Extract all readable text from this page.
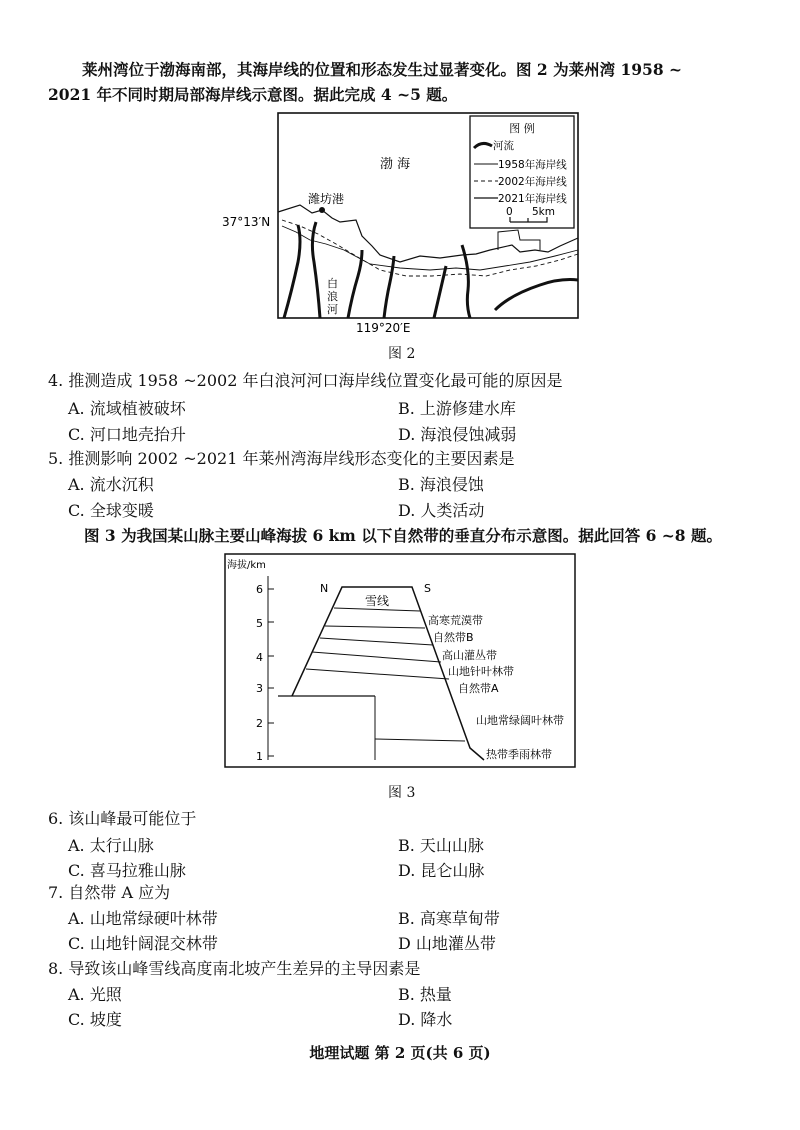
莱州湾位于渤海南部，其海岸线的位置和形态发生过显著变化。图 2 为莱州湾 1958 ~
2021 年不同时期局部海岸线示意图。据此完成 4 ~5 题。
图 例
河流
1958年海岸线
2002年海岸线
2021年海岸线
0 5km
渤 海
潍坊港
37°13′N
119°20′E
白
浪
河
图 2
4. 推测造成 1958 ~2002 年白浪河河口海岸线位置变化最可能的原因是
A. 流域植被破坏	B. 上游修建水库
C. 河口地壳抬升	D. 海浪侵蚀减弱
5. 推测影响 2002 ~2021 年莱州湾海岸线形态变化的主要因素是
A. 流水沉积	B. 海浪侵蚀
C. 全球变暖	D. 人类活动
图 3 为我国某山脉主要山峰海拔 6 km 以下自然带的垂直分布示意图。据此回答 6 ~8 题。
海拔/km
6
5
4
3
2
1
N	S
雪线
高寒荒漠带
自然带B
高山灌丛带
山地针叶林带
自然带A
山地常绿阔叶林带
热带季雨林带
图 3
6. 该山峰最可能位于
A. 太行山脉	B. 天山山脉
C. 喜马拉雅山脉	D. 昆仑山脉
7. 自然带 A 应为
A. 山地常绿硬叶林带	B. 高寒草甸带
C. 山地针阔混交林带	D 山地灌丛带
8. 导致该山峰雪线高度南北坡产生差异的主导因素是
A. 光照	B. 热量
C. 坡度	D. 降水
地理试题 第 2 页(共 6 页)
